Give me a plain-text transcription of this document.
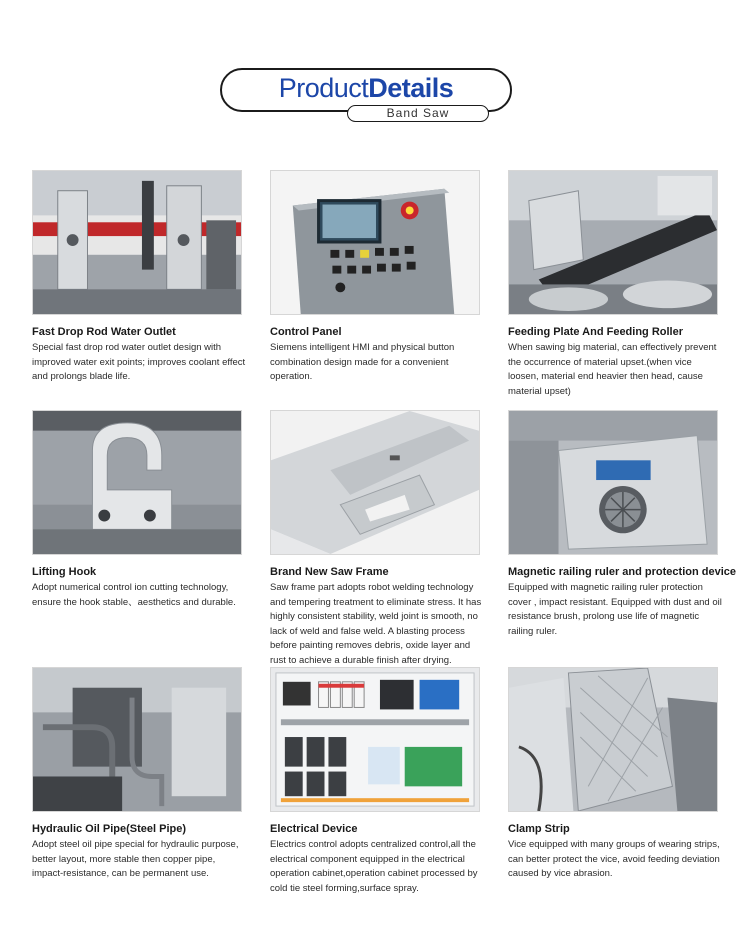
ProductDetails
Band Saw
Fast Drop Rod Water Outlet
Special fast drop rod water outlet design with improved water exit points; improves coolant effect and prolongs blade life.
Control Panel
Siemens intelligent HMI and physical button combination design made for a convenient operation.
Feeding Plate And Feeding Roller
When sawing big material, can effectively prevent the occurrence of material upset.(when vice loosen, material end heavier then head, cause material upset)
Lifting Hook
Adopt numerical control ion cutting technology, ensure the hook stable、aesthetics and durable.
Brand New Saw Frame
Saw frame part adopts robot welding technology and tempering treatment to eliminate stress. It has highly consistent stability, weld joint is smooth, no lack of weld and false weld. A blasting process before painting removes debris, oxide layer and rust to achieve a durable finish after drying.
Magnetic railing ruler and protection device
Equipped with magnetic railing ruler protection cover , impact resistant. Equipped with dust and oil resistance brush, prolong use life of magnetic railing ruler.
Hydraulic Oil Pipe(Steel Pipe)
Adopt steel oil pipe special for hydraulic purpose, better layout, more stable then copper pipe, impact-resistance, can be permanent use.
Electrical Device
Electrics control adopts centralized control,all the electrical component equipped in the electrical operation cabinet,operation cabinet processed by cold tie steel forming,surface spray.
Clamp Strip
Vice equipped with many groups of wearing strips, can better protect the vice, avoid feeding deviation caused by vice abrasion.
